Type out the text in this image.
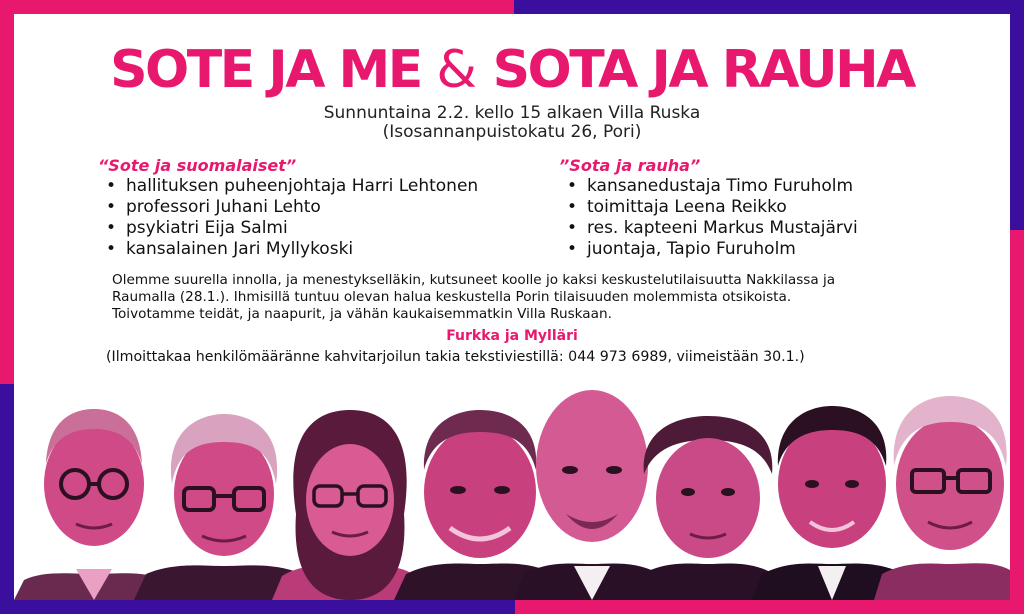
SOTE JA ME & SOTA JA RAUHA
Sunnuntaina 2.2. kello 15 alkaen Villa Ruska
(Isosannanpuistokatu 26, Pori)
“Sote ja suomalaiset”
• hallituksen puheenjohtaja Harri Lehtonen
• professori Juhani Lehto
• psykiatri Eija Salmi
• kansalainen Jari Myllykoski
”Sota ja rauha”
• kansanedustaja Timo Furuholm
• toimittaja Leena Reikko
• res. kapteeni Markus Mustajärvi
• juontaja, Tapio Furuholm
Olemme suurella innolla, ja menestykselläkin, kutsuneet koolle jo kaksi keskustelutilaisuutta Nakkilassa ja
Raumalla (28.1.). Ihmisillä tuntuu olevan halua keskustella Porin tilaisuuden molemmista otsikoista.
Toivotamme teidät, ja naapurit, ja vähän kaukaisemmatkin Villa Ruskaan.
Furkka ja Mylläri
(Ilmoittakaa henkilömääränne kahvitarjoilun takia tekstiviestillä: 044 973 6989, viimeistään 30.1.)
